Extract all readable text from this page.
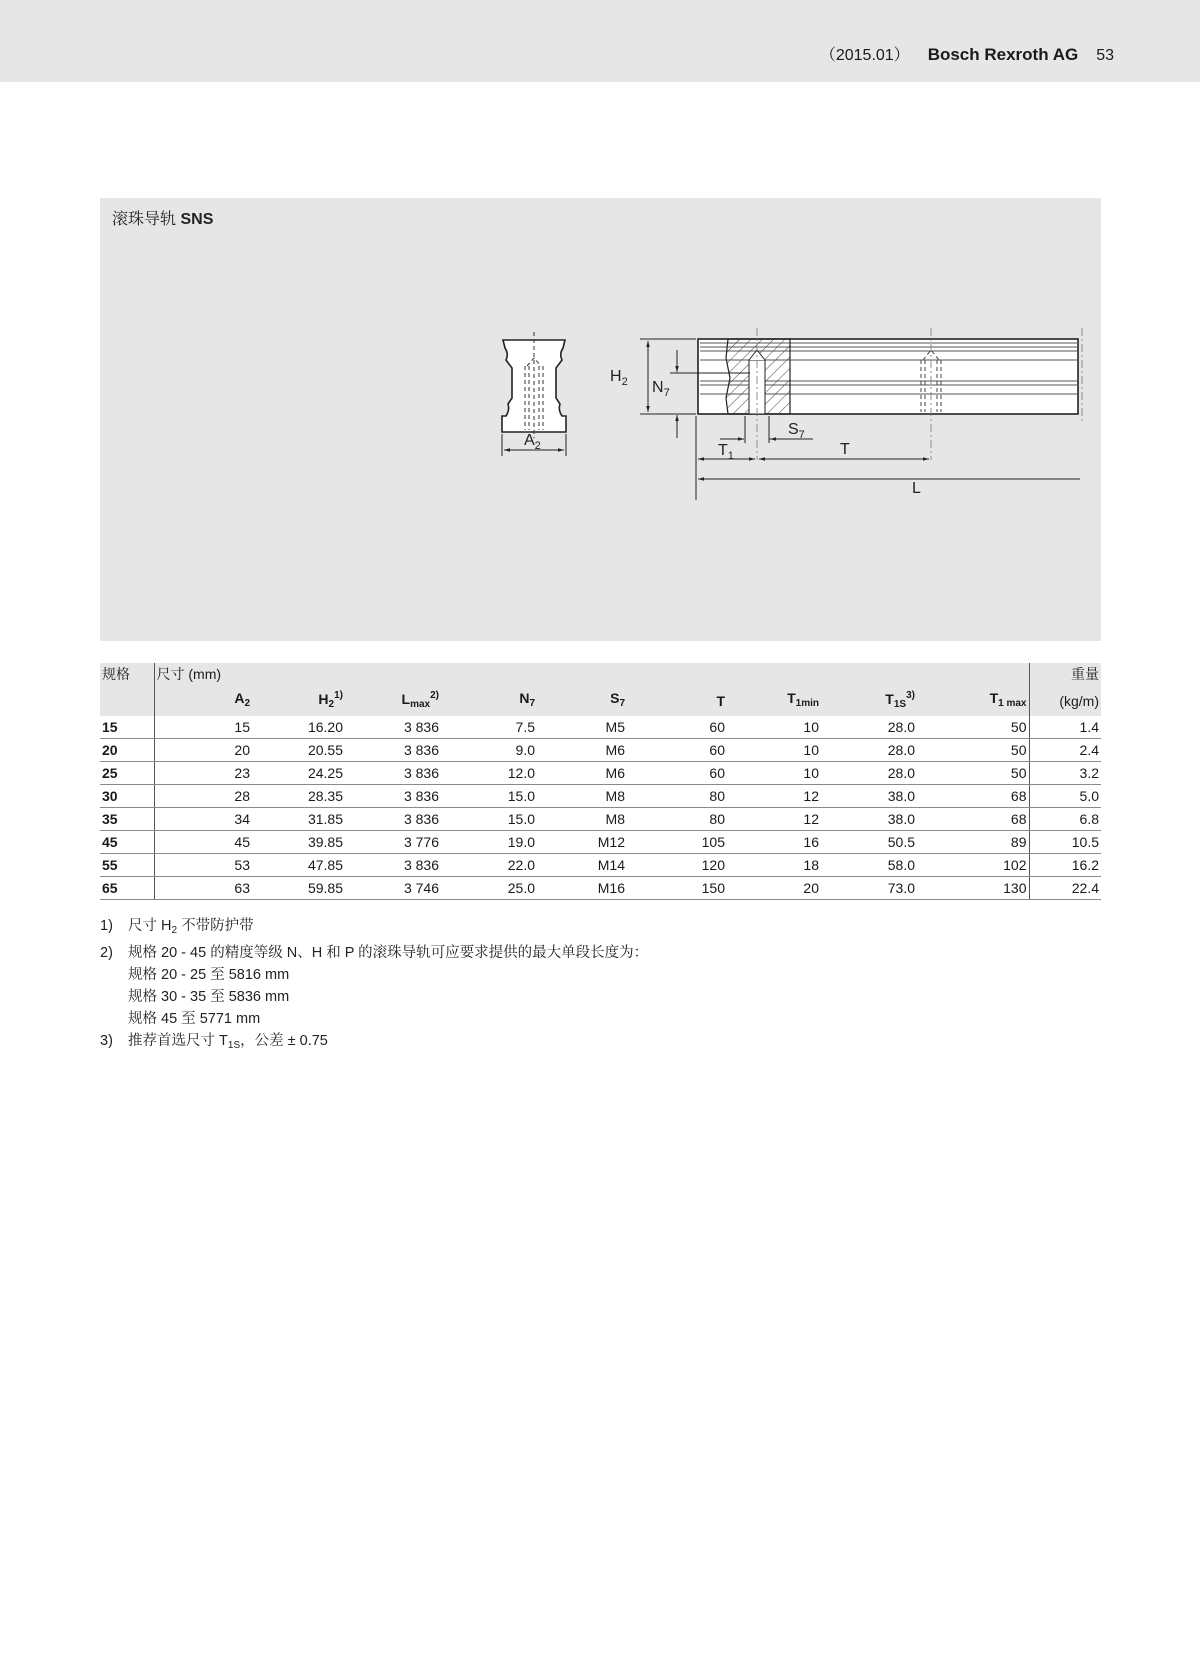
（2015.01） Bosch Rexroth AG 53
滚珠导轨 SNS
$A_2$
$H_2$ $N_7$
$S_7$
$T_1$	T
L
规格	尺寸 (mm)									重量
	$A_2$	$H_2^{1)}$	$L_{max}^{2)}$	$N_7$	$S_7$	T	$T_{1min}$	$T_{1S}^{3)}$	$T_{1 max}$	(kg/m)
15	15	16.20	3 836	7.5	M5	60	10	28.0	50	1.4
20	20	20.55	3 836	9.0	M6	60	10	28.0	50	2.4
25	23	24.25	3 836	12.0	M6	60	10	28.0	50	3.2
30	28	28.35	3 836	15.0	M8	80	12	38.0	68	5.0
35	34	31.85	3 836	15.0	M8	80	12	38.0	68	6.8
45	45	39.85	3 776	19.0	M12	105	16	50.5	89	10.5
55	53	47.85	3 836	22.0	M14	120	18	58.0	102	16.2
65	63	59.85	3 746	25.0	M16	150	20	73.0	130	22.4
1)	尺寸 $H_2$ 不带防护带
2)	规格 20 - 45 的精度等级 N、H 和 P 的滚珠导轨可应要求提供的最大单段长度为：
规格 20 - 25 至 5816 mm
规格 30 - 35 至 5836 mm
规格 45 至 5771 mm
3)	推荐首选尺寸 $T_{1S}$，公差 ± 0.75
